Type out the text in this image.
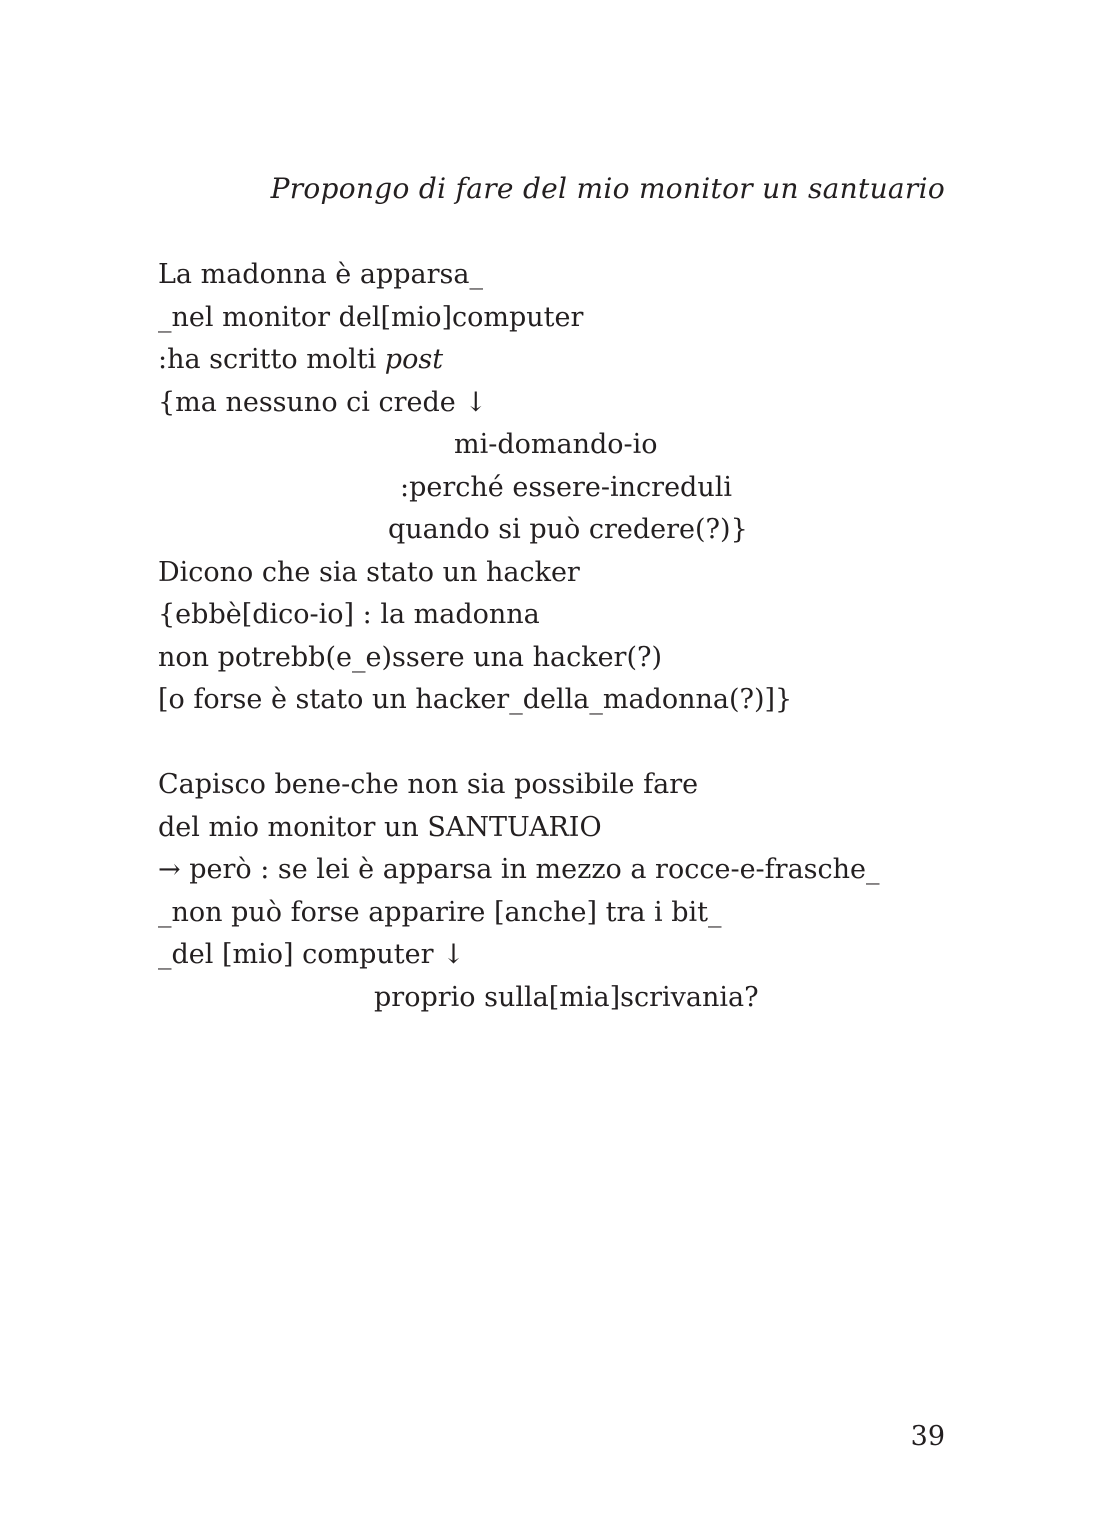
Propongo di fare del mio monitor un santuario
La madonna è apparsa_
_nel monitor del[mio]computer
:ha scritto molti post
{ma nessuno ci crede ↓
mi-domando-io
:perché essere-increduli
quando si può credere(?)}
Dicono che sia stato un hacker
{ebbè[dico-io] : la madonna
non potrebb(e_e)ssere una hacker(?)
[o forse è stato un hacker_della_madonna(?)]}
Capisco bene-che non sia possibile fare
del mio monitor un SANTUARIO
→ però : se lei è apparsa in mezzo a rocce-e-frasche_
_non può forse apparire [anche] tra i bit_
_del [mio] computer ↓
proprio sulla[mia]scrivania?
39
